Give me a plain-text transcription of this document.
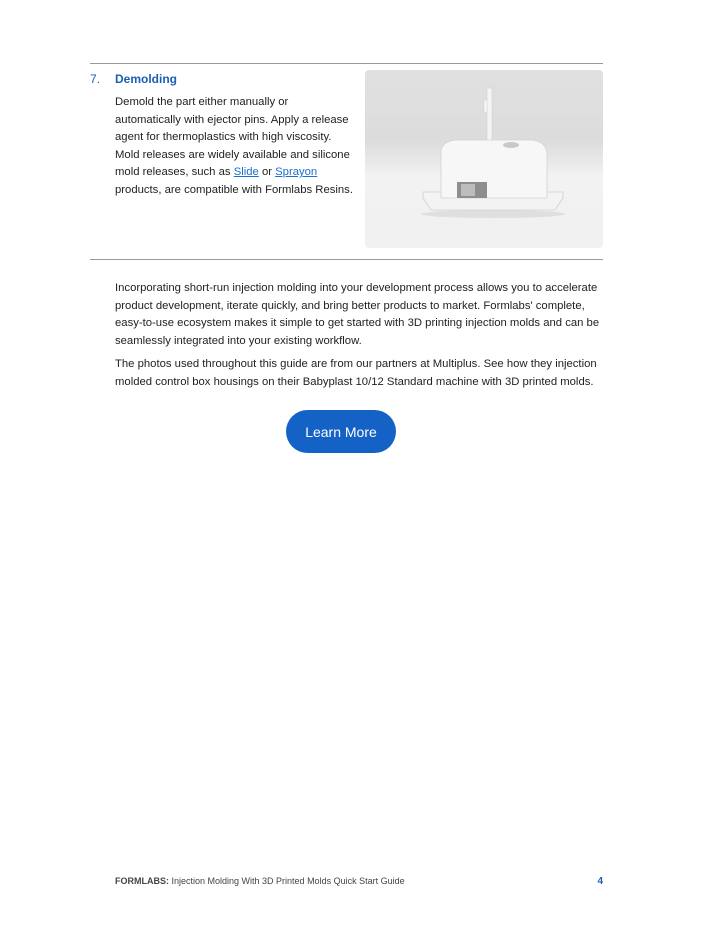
7. Demolding

Demold the part either manually or automatically with ejector pins. Apply a release agent for thermoplastics with high viscosity. Mold releases are widely available and silicone mold releases, such as Slide or Sprayon products, are compatible with Formlabs Resins.

Incorporating short-run injection molding into your development process allows you to accelerate product development, iterate quickly, and bring better products to market. Formlabs' complete, easy-to-use ecosystem makes it simple to get started with 3D printing injection molds and can be seamlessly integrated into your existing workflow.

The photos used throughout this guide are from our partners at Multiplus. See how they injection molded control box housings on their Babyplast 10/12 Standard machine with 3D printed molds.

Learn More
FORMLABS: Injection Molding With 3D Printed Molds Quick Start Guide	4
